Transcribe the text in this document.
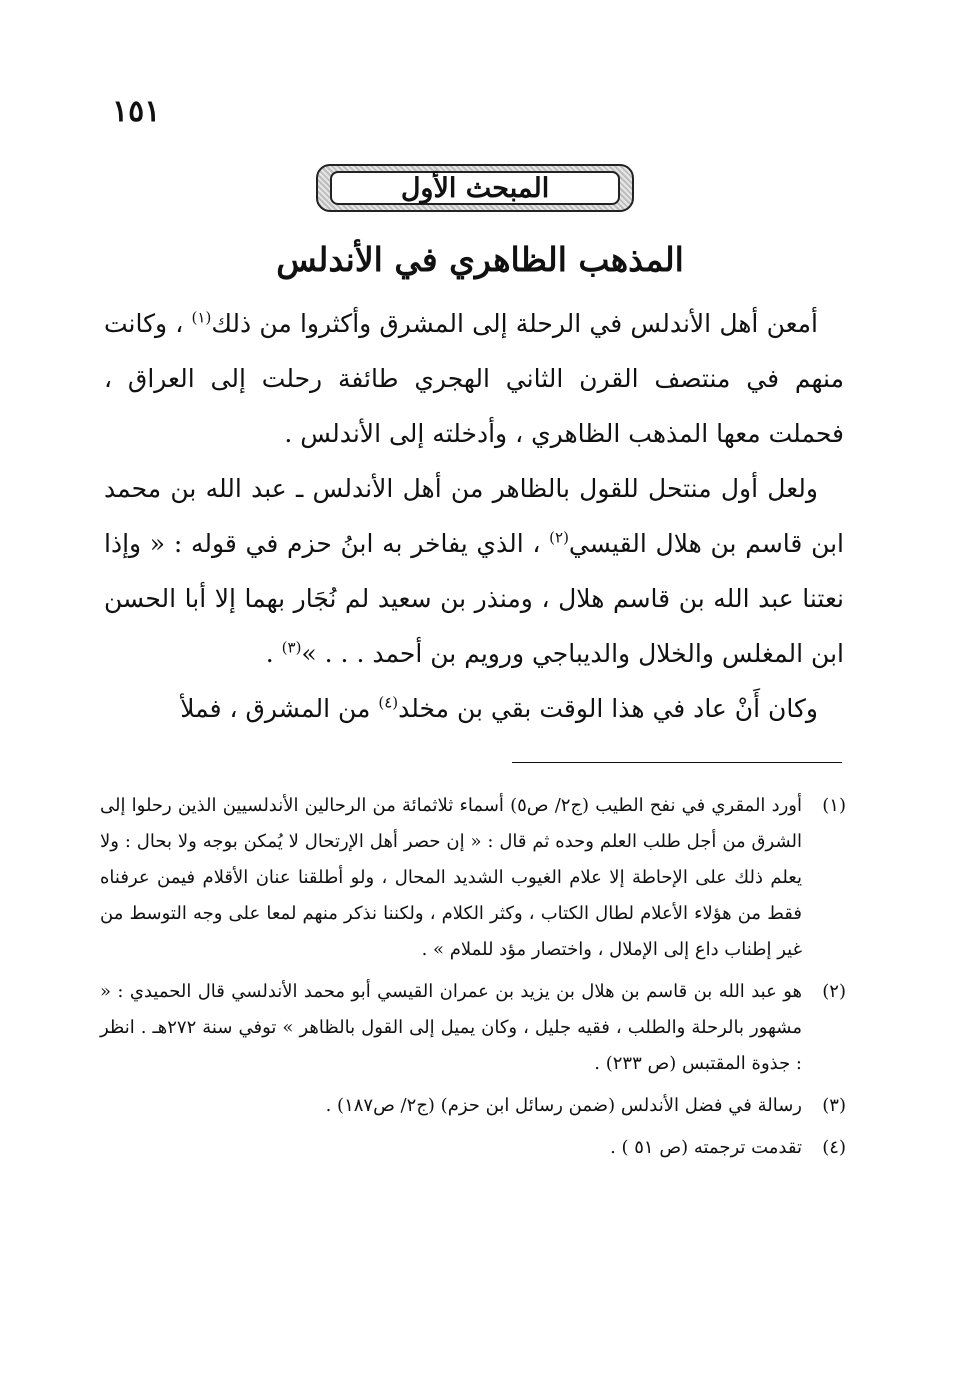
١٥١
المبحث الأول
المذهب الظاهري في الأندلس

أمعن أهل الأندلس في الرحلة إلى المشرق وأكثروا من ذلك$^{(١)}$ ، وكانت منهم في منتصف القرن الثاني الهجري طائفة رحلت إلى العراق ، فحملت معها المذهب الظاهري ، وأدخلته إلى الأندلس .

ولعل أول منتحل للقول بالظاهر من أهل الأندلس ـ عبد الله بن محمد ابن قاسم بن هلال القيسي$^{(٢)}$ ، الذي يفاخر به ابنُ حزم في قوله : « وإذا نعتنا عبد الله بن قاسم هلال ، ومنذر بن سعيد لم نُجَار بهما إلا أبا الحسن ابن المغلس والخلال والديباجي ورويم بن أحمد . . . »$^{(٣)}$ .

وكان أَنْ عاد في هذا الوقت بقي بن مخلد$^{(٤)}$ من المشرق ، فملأ

(١)
أورد المقري في نفح الطيب (ج٢/ ص٥) أسماء ثلاثمائة من الرحالين الأندلسيين الذين رحلوا إلى الشرق من أجل طلب العلم وحده ثم قال : « إن حصر أهل الإرتحال لا يُمكن بوجه ولا بحال : ولا يعلم ذلك على الإحاطة إلا علام الغيوب الشديد المحال ، ولو أطلقنا عنان الأقلام فيمن عرفناه فقط من هؤلاء الأعلام لطال الكتاب ، وكثر الكلام ، ولكننا نذكر منهم لمعا على وجه التوسط من غير إطناب داع إلى الإملال ، واختصار مؤد للملام » .
(٢)
هو عبد الله بن قاسم بن هلال بن يزيد بن عمران القيسي أبو محمد الأندلسي قال الحميدي : « مشهور بالرحلة والطلب ، فقيه جليل ، وكان يميل إلى القول بالظاهر » توفي سنة ٢٧٢هـ . انظر : جذوة المقتبس (ص ٢٣٣) .
(٣)
رسالة في فضل الأندلس (ضمن رسائل ابن حزم) (ج٢/ ص١٨٧) .
(٤)
تقدمت ترجمته (ص ٥١ ) .
